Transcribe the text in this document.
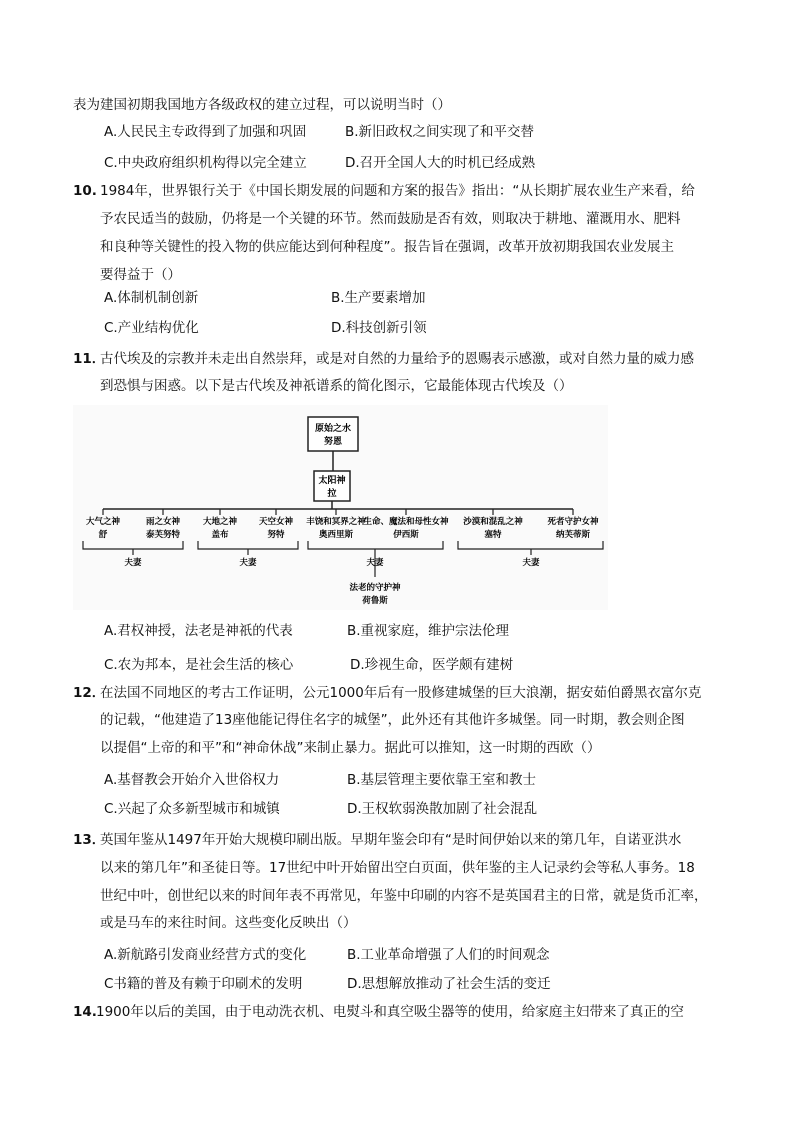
表为建国初期我国地方各级政权的建立过程，可以说明当时（）
A.人民民主专政得到了加强和巩固	B.新旧政权之间实现了和平交替
C.中央政府组织机构得以完全建立	D.召开全国人大的时机已经成熟
10. 1984年，世界银行关于《中国长期发展的问题和方案的报告》指出：“从长期扩展农业生产来看，给
予农民适当的鼓励，仍将是一个关键的环节。然而鼓励是否有效，则取决于耕地、灌溉用水、肥料
和良种等关键性的投入物的供应能达到何种程度”。报告旨在强调，改革开放初期我国农业发展主
要得益于（）
A.体制机制创新	B.生产要素增加
C.产业结构优化	D.科技创新引领
11．
古代埃及的宗教并未走出自然崇拜，或是对自然的力量给予的恩赐表示感激，或对自然力量的威力感
到恐惧与困惑。以下是古代埃及神祇谱系的简化图示，它最能体现古代埃及（）
原始之水
努恩
太阳神
拉
大气之神
舒
雨之女神
泰芙努特
大地之神
盖布
天空女神
努特
丰饶和冥界之神
奥西里斯
生命、魔法和母性女神
伊西斯
沙漠和混乱之神
塞特
死者守护女神
纳芙蒂斯
夫妻	夫妻	夫妻	夫妻
法老的守护神
荷鲁斯
A.君权神授，法老是神祇的代表	B.重视家庭，维护宗法伦理
C.农为邦本，是社会生活的核心	D.珍视生命，医学颇有建树
12．
在法国不同地区的考古工作证明，公元1000年后有一股修建城堡的巨大浪潮，据安茹伯爵黑衣富尔克
的记载，“他建造了13座他能记得住名字的城堡”，此外还有其他许多城堡。同一时期，教会则企图
以提倡“上帝的和平”和“神命休战”来制止暴力。据此可以推知，这一时期的西欧（）
A.基督教会开始介入世俗权力	B.基层管理主要依靠王室和教士
C.兴起了众多新型城市和城镇	D.王权软弱涣散加剧了社会混乱
13．
英国年鉴从1497年开始大规模印刷出版。早期年鉴会印有“是时间伊始以来的第几年，自诺亚洪水
以来的第几年”和圣徒日等。17世纪中叶开始留出空白页面，供年鉴的主人记录约会等私人事务。18
世纪中叶，创世纪以来的时间年表不再常见，年鉴中印刷的内容不是英国君主的日常，就是货币汇率，
或是马车的来往时间。这些变化反映出（）
A.新航路引发商业经营方式的变化	B.工业革命增强了人们的时间观念
C书籍的普及有赖于印刷术的发明	D.思想解放推动了社会生活的变迁
14. 1900年以后的美国，由于电动洗衣机、电熨斗和真空吸尘器等的使用，给家庭主妇带来了真正的空
